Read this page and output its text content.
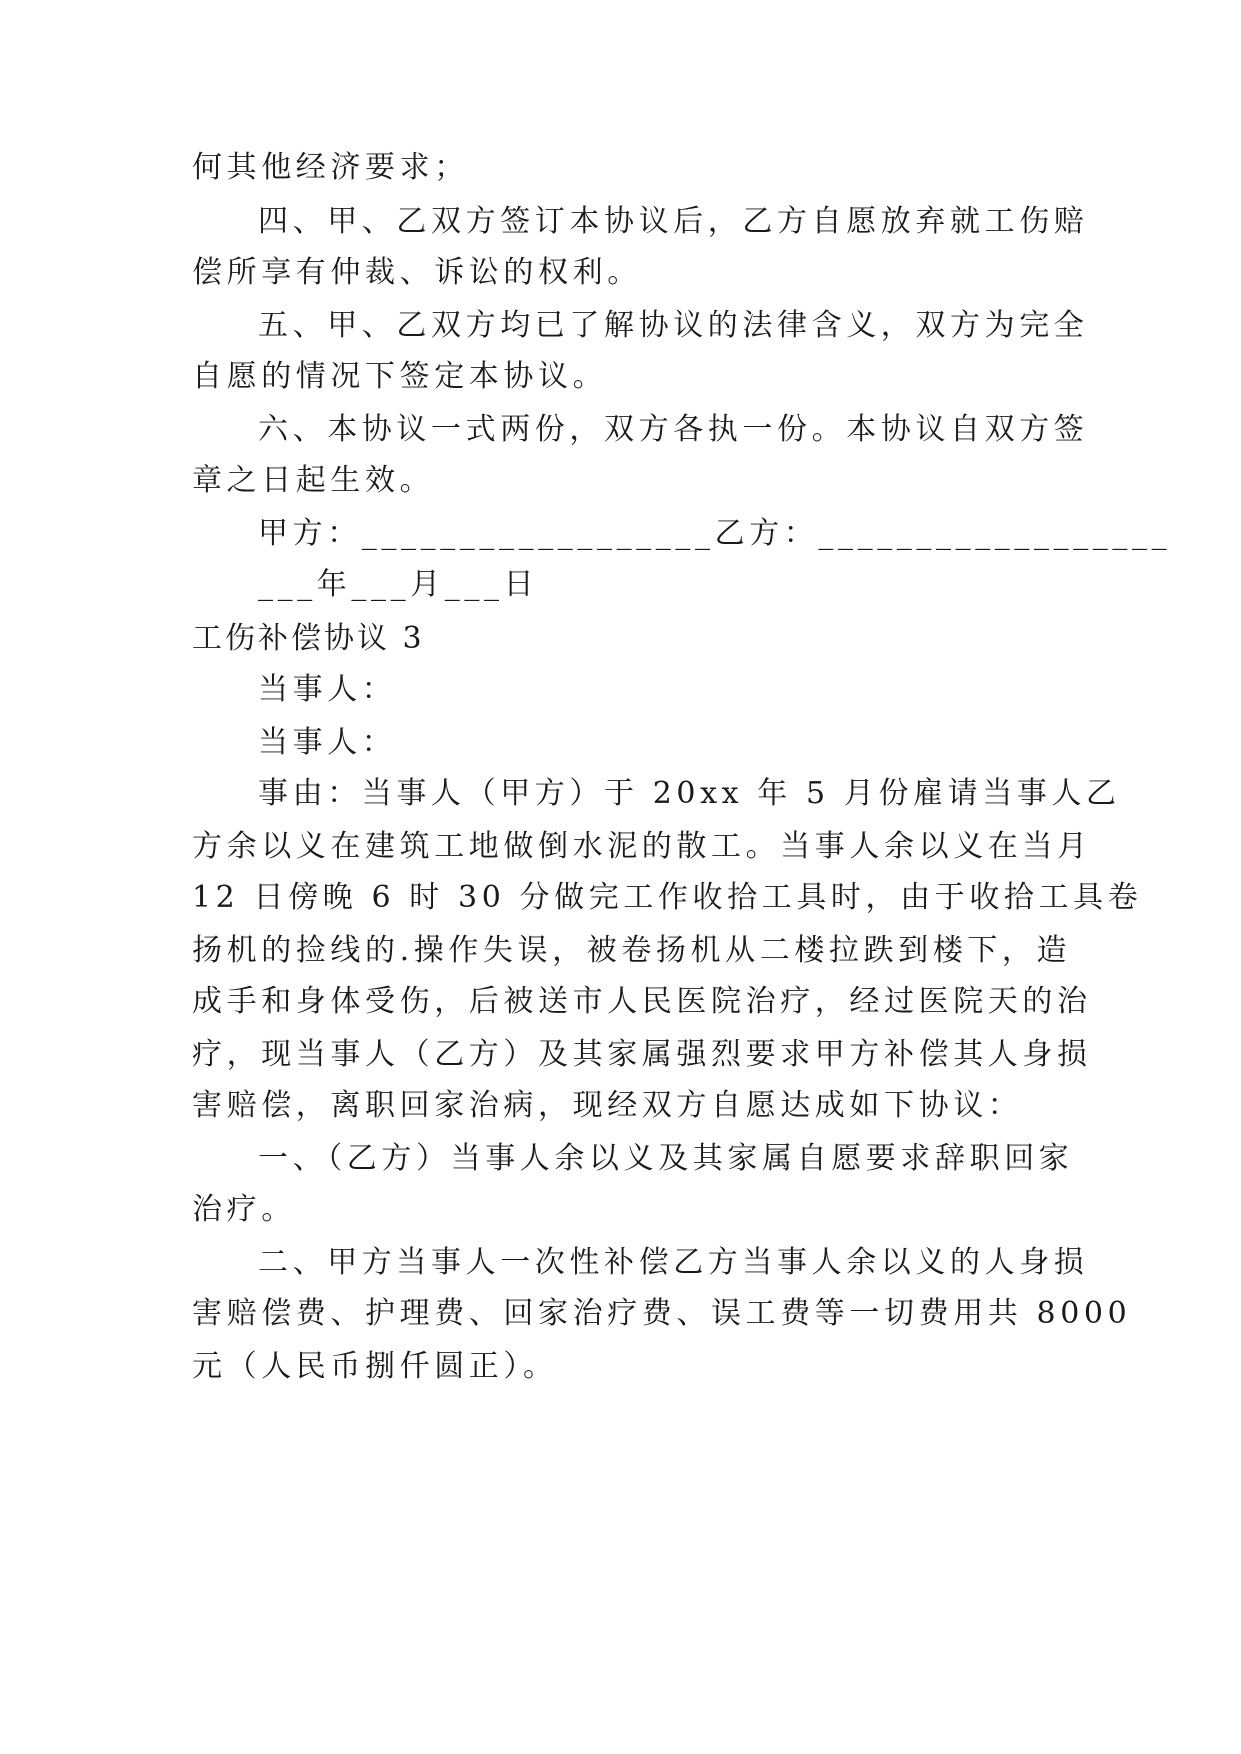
何其他经济要求；
四、甲、乙双方签订本协议后，乙方自愿放弃就工伤赔
偿所享有仲裁、诉讼的权利。
五、甲、乙双方均已了解协议的法律含义，双方为完全
自愿的情况下签定本协议。
六、本协议一式两份，双方各执一份。本协议自双方签
章之日起生效。
甲方：__________________乙方：__________________
___年___月___日
工伤补偿协议 3
当事人：
当事人：
事由：当事人（甲方）于 20xx 年 5 月份雇请当事人乙
方余以义在建筑工地做倒水泥的散工。当事人余以义在当月
12 日傍晚 6 时 30 分做完工作收拾工具时，由于收拾工具卷
扬机的捡线的.操作失误，被卷扬机从二楼拉跌到楼下，造
成手和身体受伤，后被送市人民医院治疗，经过医院天的治
疗，现当事人（乙方）及其家属强烈要求甲方补偿其人身损
害赔偿，离职回家治病，现经双方自愿达成如下协议：
一、（乙方）当事人余以义及其家属自愿要求辞职回家
治疗。
二、甲方当事人一次性补偿乙方当事人余以义的人身损
害赔偿费、护理费、回家治疗费、误工费等一切费用共 8000
元（人民币捌仟圆正）。
